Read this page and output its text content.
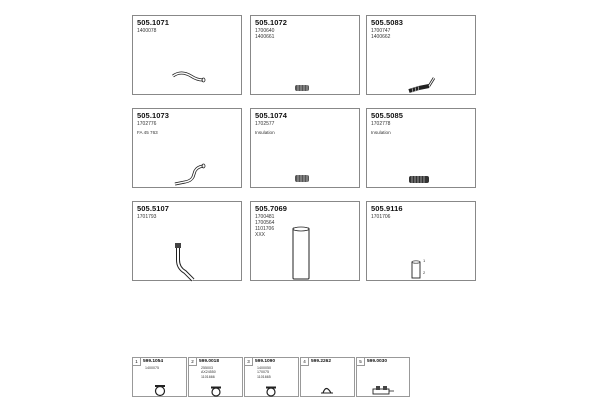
505.1071
1400078
505.1072
1700640
1400661
505.5083
1700747
1400662
505.1073
1702776
FA 45 763
505.1074
1702577
Insulation
505.5085
1702778
Insulation
505.5107
1701793
505.7069
1700481
1700564
1101706
XXX
505.9116
1701706
1
2
1	599.1054
1400075
2	599.0018
255003
AX24550
1101666
3	599.1090
1400050
170075
1101665
4	599.2262	5	599.0030
